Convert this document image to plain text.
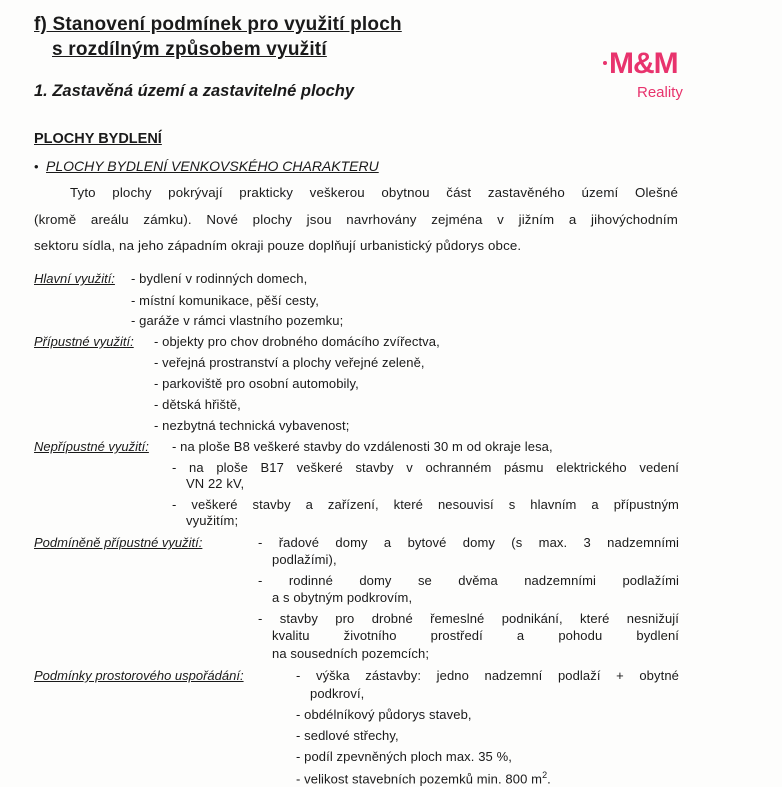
f) Stanovení podmínek pro využití ploch
s rozdílným způsobem využití	M&M
Reality
1. Zastavěná území a zastavitelné plochy
PLOCHY BYDLENÍ
• PLOCHY BYDLENÍ VENKOVSKÉHO CHARAKTERU
Tyto plochy pokrývají prakticky veškerou obytnou část zastavěného území Olešné
(kromě areálu zámku). Nové plochy jsou navrhovány zejména v jižním a jihovýchodním
sektoru sídla, na jeho západním okraji pouze doplňují urbanistický půdorys obce.
Hlavní využití: - bydlení v rodinných domech,
- místní komunikace, pěší cesty,
- garáže v rámci vlastního pozemku;
Přípustné využití: - objekty pro chov drobného domácího zvířectva,
- veřejná prostranství a plochy veřejné zeleně,
- parkoviště pro osobní automobily,
- dětská hřiště,
- nezbytná technická vybavenost;
Nepřípustné využití: - na ploše B8 veškeré stavby do vzdálenosti 30 m od okraje lesa,
- na ploše B17 veškeré stavby v ochranném pásmu elektrického vedení
VN 22 kV,
- veškeré stavby a zařízení, které nesouvisí s hlavním a přípustným
využitím;
Podmíněně přípustné využití:	- řadové domy a bytové domy (s max. 3 nadzemními
podlažími),
- rodinné domy se dvěma nadzemními podlažími
a s obytným podkrovím,
- stavby pro drobné řemeslné podnikání, které nesnižují
kvalitu životního prostředí a pohodu bydlení
na sousedních pozemcích;
Podmínky prostorového uspořádání:	- výška zástavby: jedno nadzemní podlaží + obytné
podkroví,
- obdélníkový půdorys staveb,
- sedlové střechy,
- podíl zpevněných ploch max. 35 %,
- velikost stavebních pozemků min. 800 $m^2$.
